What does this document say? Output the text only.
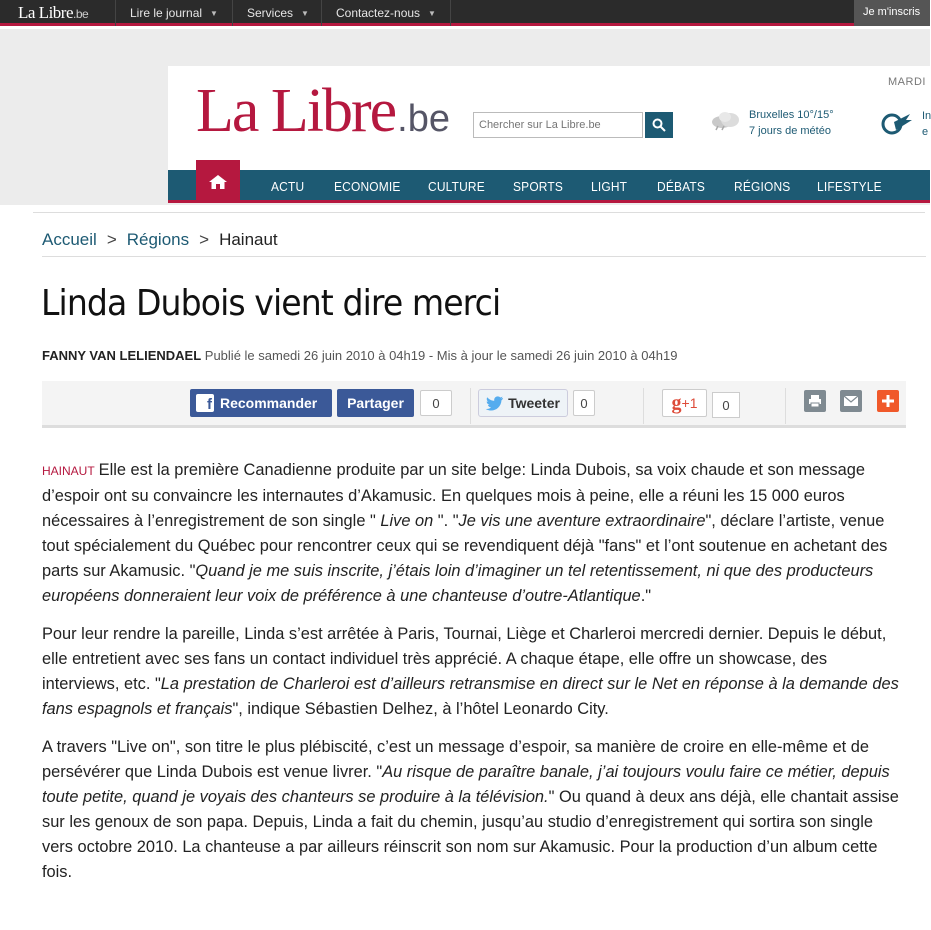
La Libre.be	Lire le journal ▼ Services ▼ Contactez-nous ▼	Je m'inscris
La Libre.be
Chercher sur La Libre.be	Bruxelles 10°/15°
7 jours de météo
MARDI
In
e
ACTU ECONOMIE CULTURE SPORTS LIGHT DÉBATS RÉGIONS LIFESTYLE
Accueil > Régions > Hainaut
Linda Dubois vient dire merci
FANNY VAN LELIENDAEL Publié le samedi 26 juin 2010 à 04h19 - Mis à jour le samedi 26 juin 2010 à 04h19
f Recommander	Partager	0	Tweeter	0	g +1	0

HAINAUT Elle est la première Canadienne produite par un site belge: Linda Dubois, sa voix chaude et son message d’espoir ont su convaincre les internautes d’Akamusic. En quelques mois à peine, elle a réuni les 15 000 euros nécessaires à l’enregistrement de son single " Live on ". "Je vis une aventure extraordinaire", déclare l’artiste, venue tout spécialement du Québec pour rencontrer ceux qui se revendiquent déjà "fans" et l’ont soutenue en achetant des parts sur Akamusic. "Quand je me suis inscrite, j’étais loin d’imaginer un tel retentissement, ni que des producteurs européens donneraient leur voix de préférence à une chanteuse d’outre-Atlantique."

Pour leur rendre la pareille, Linda s’est arrêtée à Paris, Tournai, Liège et Charleroi mercredi dernier. Depuis le début, elle entretient avec ses fans un contact individuel très apprécié. A chaque étape, elle offre un showcase, des interviews, etc. "La prestation de Charleroi est d’ailleurs retransmise en direct sur le Net en réponse à la demande des fans espagnols et français", indique Sébastien Delhez, à l’hôtel Leonardo City.

A travers "Live on", son titre le plus plébiscité, c’est un message d’espoir, sa manière de croire en elle-même et de persévérer que Linda Dubois est venue livrer. "Au risque de paraître banale, j’ai toujours voulu faire ce métier, depuis toute petite, quand je voyais des chanteurs se produire à la télévision." Ou quand à deux ans déjà, elle chantait assise sur les genoux de son papa. Depuis, Linda a fait du chemin, jusqu’au studio d’enregistrement qui sortira son single vers octobre 2010. La chanteuse a par ailleurs réinscrit son nom sur Akamusic. Pour la production d’un album cette fois.
